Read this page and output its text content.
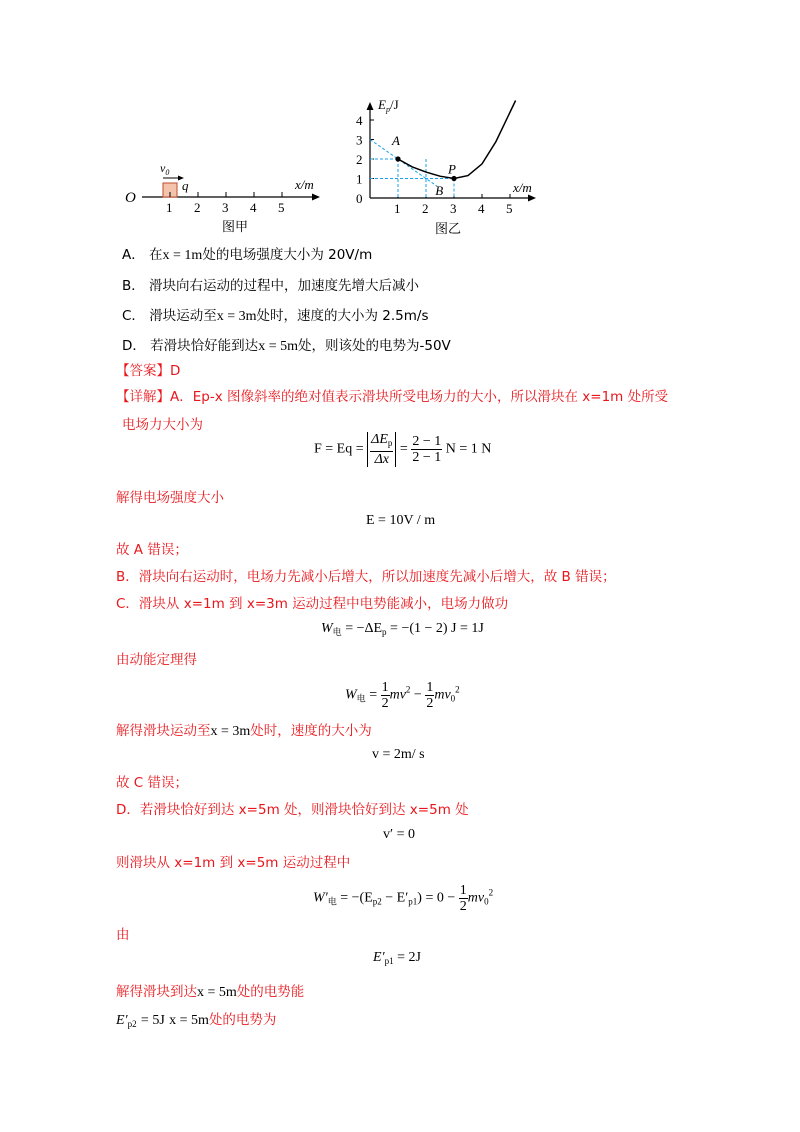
O
$v_0$
q
1 2 3 4 5
x/m
图甲
$E_p/J$
x/m
1 2 3 4 5
4
3
2
1
0
A
P
B
图乙
A． 在x = 1m处的电场强度大小为 20V/m
B． 滑块向右运动的过程中，加速度先增大后减小
C． 滑块运动至x = 3m处时，速度的大小为 2.5m/s
D． 若滑块恰好能到达x = 5m处，则该处的电势为-50V
【答案】D
【详解】A．Ep-x 图像斜率的绝对值表示滑块所受电场力的大小，所以滑块在 x=1m 处所受
电场力大小为
$F = Eq = \frac{\Delta E_p}{\Delta x} = \frac{2 - 1}{2 - 1}$ N = 1 N
解得电场强度大小
E = 10V / m
故 A 错误；
B．滑块向右运动时，电场力先减小后增大，所以加速度先减小后增大，故 B 错误；
C．滑块从 x=1m 到 x=3m 运动过程中电势能减小，电场力做功
$W_电 = -\Delta E_p = -(1 - 2) J = 1J$
由动能定理得
$W_电 = \frac{1}{2} mv^2 - \frac{1}{2} mv_0^2$
解得滑块运动至x = 3m处时，速度的大小为
v = 2m/ s
故 C 错误；
D．若滑块恰好到达 x=5m 处，则滑块恰好到达 x=5m 处
v′ = 0
则滑块从 x=1m 到 x=5m 运动过程中
$W'_电 = -(E_{p2} - E'_{p1}) = 0 - \frac{1}{2} mv_0^2$
由
$E'_{p1} = 2J$
解得滑块到达x = 5m处的电势能
$E'_{p2} = 5J$ x = 5m处的电势为
